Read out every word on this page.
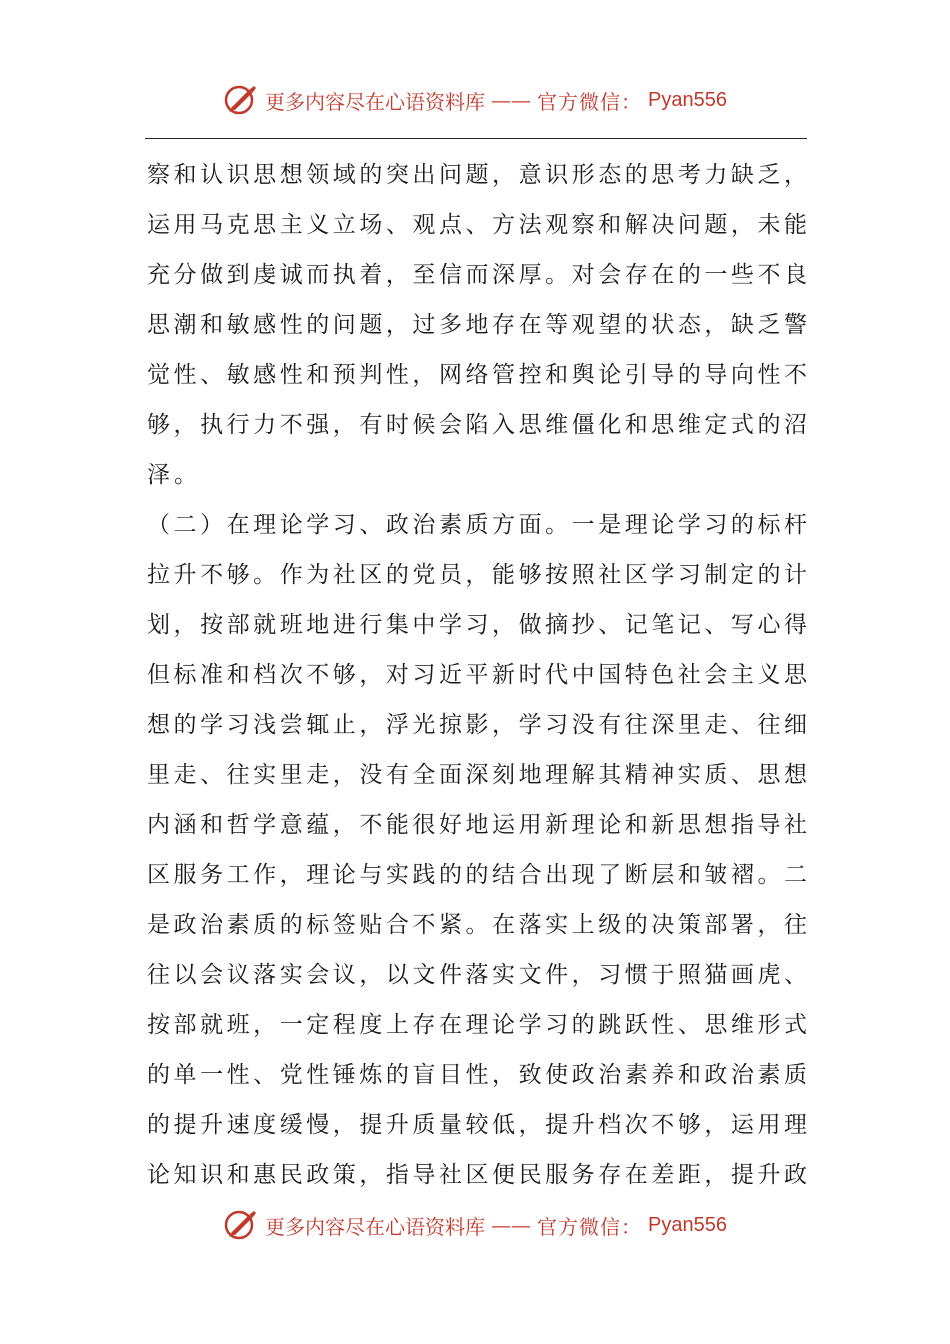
更多内容尽在心语资料库 —— 官方微信： Pyan556
察和认识思想领域的突出问题，意识形态的思考力缺乏，
运用马克思主义立场、观点、方法观察和解决问题，未能
充分做到虔诚而执着，至信而深厚。对会存在的一些不良
思潮和敏感性的问题，过多地存在等观望的状态，缺乏警
觉性、敏感性和预判性，网络管控和舆论引导的导向性不
够，执行力不强，有时候会陷入思维僵化和思维定式的沼
泽。
（二）在理论学习、政治素质方面。一是理论学习的标杆
拉升不够。作为社区的党员，能够按照社区学习制定的计
划，按部就班地进行集中学习，做摘抄、记笔记、写心得
但标准和档次不够，对习近平新时代中国特色社会主义思
想的学习浅尝辄止，浮光掠影，学习没有往深里走、往细
里走、往实里走，没有全面深刻地理解其精神实质、思想
内涵和哲学意蕴，不能很好地运用新理论和新思想指导社
区服务工作，理论与实践的的结合出现了断层和皱褶。二
是政治素质的标签贴合不紧。在落实上级的决策部署，往
往以会议落实会议，以文件落实文件，习惯于照猫画虎、
按部就班，一定程度上存在理论学习的跳跃性、思维形式
的单一性、党性锤炼的盲目性，致使政治素养和政治素质
的提升速度缓慢，提升质量较低，提升档次不够，运用理
论知识和惠民政策，指导社区便民服务存在差距，提升政
更多内容尽在心语资料库 —— 官方微信： Pyan556
